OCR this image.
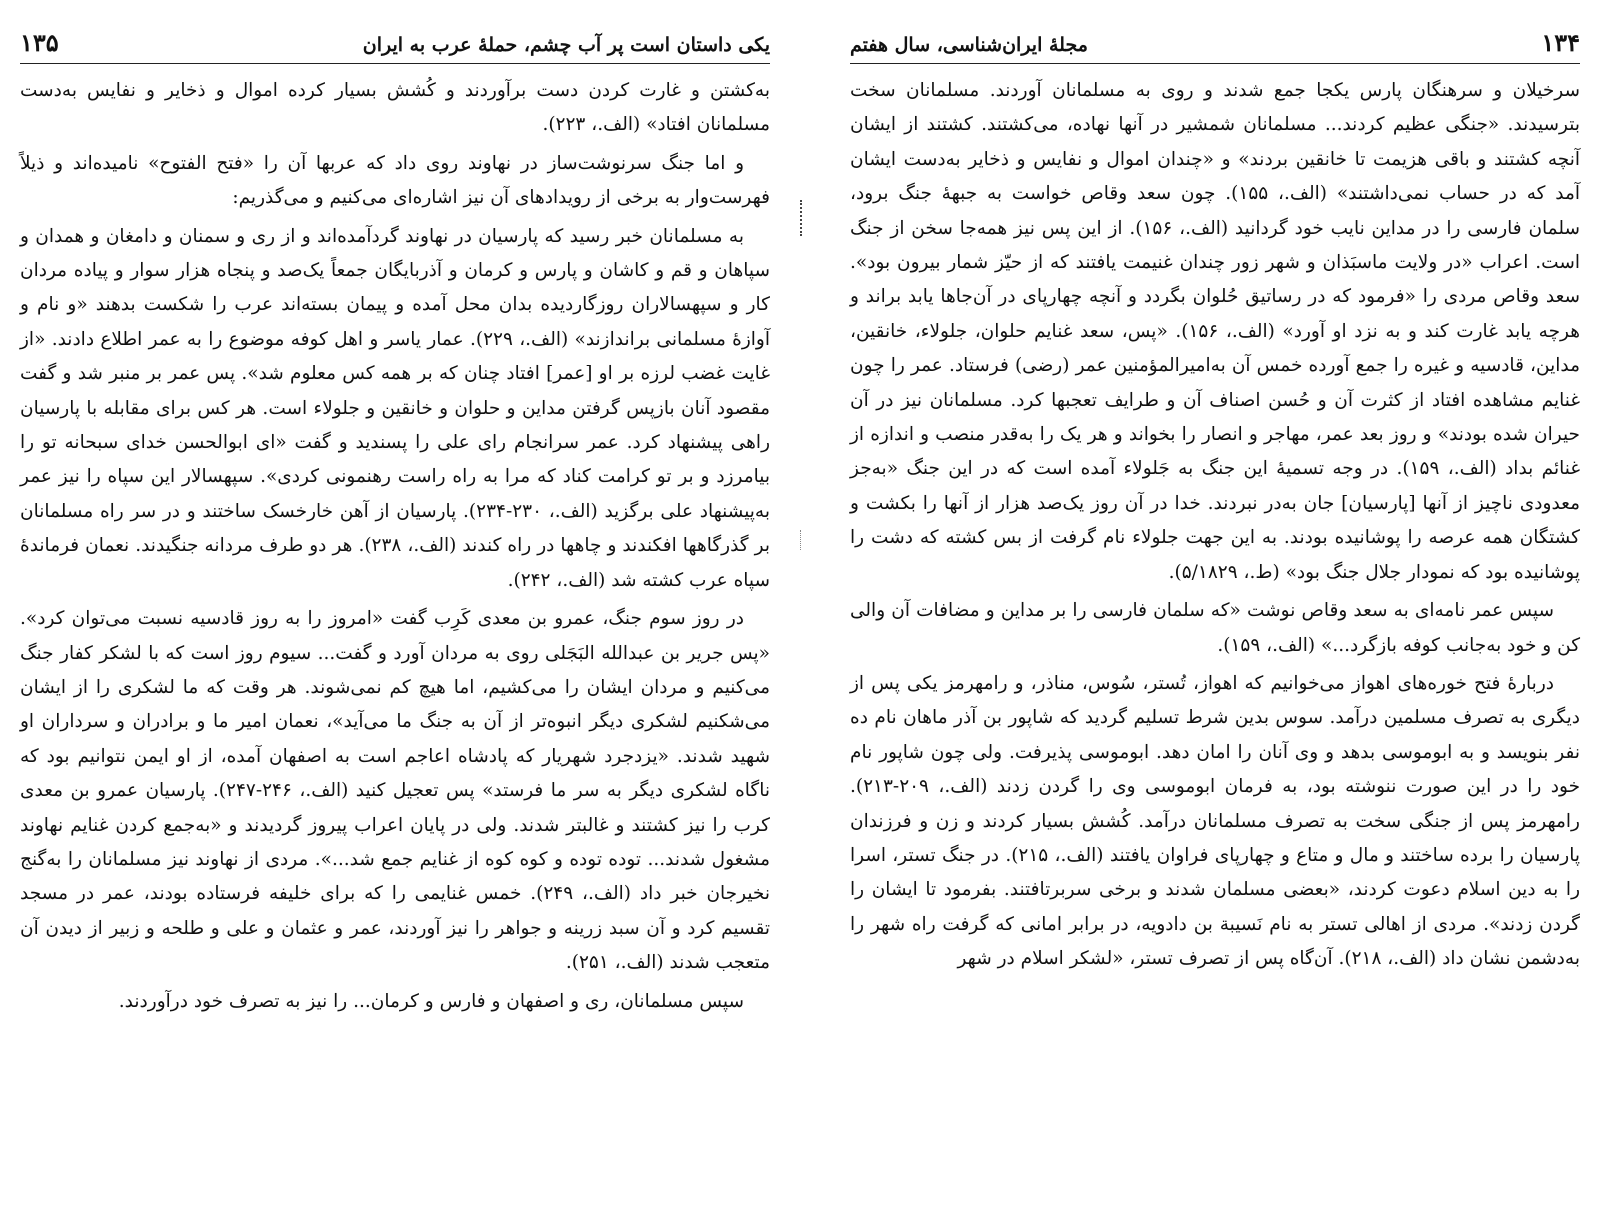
۱۳۵	یکی داستان است پر آب چشم، حملهٔ عرب به ایران

به‌کشتن و غارت کردن دست برآوردند و کُشش بسیار کرده اموال و ذخایر و نفایس به‌دست مسلمانان افتاد» (الف.، ۲۲۳).

و اما جنگ سرنوشت‌ساز در نهاوند روی داد که عربها آن را «فتح الفتوح» نامیده‌اند و ذیلاً فهرست‌وار به برخی از رویدادهای آن نیز اشاره‌ای می‌کنیم و می‌گذریم:

به مسلمانان خبر رسید که پارسیان در نهاوند گردآمده‌اند و از ری و سمنان و دامغان و همدان و سپاهان و قم و کاشان و پارس و کرمان و آذربایگان جمعاً یک‌صد و پنجاه هزار سوار و پیاده مردان کار و سپهسالاران روزگاردیده بدان محل آمده و پیمان بسته‌اند عرب را شکست بدهند «و نام و آوازهٔ مسلمانی براندازند» (الف.، ۲۲۹). عمار یاسر و اهل کوفه موضوع را به عمر اطلاع دادند. «از غایت غضب لرزه بر او [عمر] افتاد چنان که بر همه کس معلوم شد». پس عمر بر منبر شد و گفت مقصود آنان بازپس گرفتن مداین و حلوان و خانقین و جلولاء است. هر کس برای مقابله با پارسیان راهی پیشنهاد کرد. عمر سرانجام رای علی را پسندید و گفت «ای ابوالحسن خدای سبحانه تو را بیامرزد و بر تو کرامت کناد که مرا به راه راست رهنمونی کردی». سپهسالار این سپاه را نیز عمر به‌پیشنهاد علی برگزید (الف.، ۲۳۰-۲۳۴). پارسیان از آهن خارخسک ساختند و در سر راه مسلمانان بر گذرگاهها افکندند و چاهها در راه کندند (الف.، ۲۳۸). هر دو طرف مردانه جنگیدند. نعمان فرماندهٔ سپاه عرب کشته شد (الف.، ۲۴۲).

در روز سوم جنگ، عمرو بن معدی کَرِب گفت «امروز را به روز قادسیه نسبت می‌توان کرد». «پس جریر بن عبدالله البَجَلی روی به مردان آورد و گفت... سیوم روز است که با لشکر کفار جنگ می‌کنیم و مردان ایشان را می‌کشیم، اما هیچ کم نمی‌شوند. هر وقت که ما لشکری را از ایشان می‌شکنیم لشکری دیگر انبوه‌تر از آن به جنگ ما می‌آید»، نعمان امیر ما و برادران و سرداران او شهید شدند. «یزدجرد شهریار که پادشاه اعاجم است به اصفهان آمده، از او ایمن نتوانیم بود که ناگاه لشکری دیگر به سر ما فرستد» پس تعجیل کنید (الف.، ۲۴۶-۲۴۷). پارسیان عمرو بن معدی کرب را نیز کشتند و غالبتر شدند. ولی در پایان اعراب پیروز گردیدند و «به‌جمع کردن غنایم نهاوند مشغول شدند... توده توده و کوه کوه از غنایم جمع شد...». مردی از نهاوند نیز مسلمانان را به‌گنج نخیرجان خبر داد (الف.، ۲۴۹). خمس غنایمی را که برای خلیفه فرستاده بودند، عمر در مسجد تقسیم کرد و آن سبد زرینه و جواهر را نیز آوردند، عمر و عثمان و علی و طلحه و زبیر از دیدن آن متعجب شدند (الف.، ۲۵۱).

سپس مسلمانان، ری و اصفهان و فارس و کرمان... را نیز به تصرف خود درآوردند.

مجلهٔ ایران‌شناسی، سال هفتم	۱۳۴

سرخیلان و سرهنگان پارس یکجا جمع شدند و روی به مسلمانان آوردند. مسلمانان سخت بترسیدند. «جنگی عظیم کردند... مسلمانان شمشیر در آنها نهاده، می‌کشتند. کشتند از ایشان آنچه کشتند و باقی هزیمت تا خانقین بردند» و «چندان اموال و نفایس و ذخایر به‌دست ایشان آمد که در حساب نمی‌داشتند» (الف.، ۱۵۵). چون سعد وقاص خواست به جبههٔ جنگ برود، سلمان فارسی را در مداین نایب خود گردانید (الف.، ۱۵۶). از این پس نیز همه‌جا سخن از جنگ است. اعراب «در ولایت ماسبَذان و شهر زور چندان غنیمت یافتند که از حیّز شمار بیرون بود». سعد وقاص مردی را «فرمود که در رساتیق حُلوان بگردد و آنچه چهارپای در آن‌جاها یابد براند و هرچه یابد غارت کند و به نزد او آورد» (الف.، ۱۵۶). «پس، سعد غنایم حلوان، جلولاء، خانقین، مداین، قادسیه و غیره را جمع آورده خمس آن به‌امیرالمؤمنین عمر (رضی) فرستاد. عمر را چون غنایم مشاهده افتاد از کثرت آن و حُسن اصناف آن و طرایف تعجبها کرد. مسلمانان نیز در آن حیران شده بودند» و روز بعد عمر، مهاجر و انصار را بخواند و هر یک را به‌قدر منصب و اندازه از غنائم بداد (الف.، ۱۵۹). در وجه تسمیهٔ این جنگ به جَلولاء آمده است که در این جنگ «به‌جز معدودی ناچیز از آنها [پارسیان] جان به‌در نبردند. خدا در آن روز یک‌صد هزار از آنها را بکشت و کشتگان همه عرصه را پوشانیده بودند. به این جهت جلولاء نام گرفت از بس کشته که دشت را پوشانیده بود که نمودار جلال جنگ بود» (ط.، ۵/۱۸۲۹).

سپس عمر نامه‌ای به سعد وقاص نوشت «که سلمان فارسی را بر مداین و مضافات آن والی کن و خود به‌جانب کوفه بازگرد...» (الف.، ۱۵۹).

دربارهٔ فتح خوره‌های اهواز می‌خوانیم که اهواز، تُستر، سُوس، مناذر، و رامهرمز یکی پس از دیگری به تصرف مسلمین درآمد. سوس بدین شرط تسلیم گردید که شاپور بن آذر ماهان نام ده نفر بنویسد و به ابوموسی بدهد و وی آنان را امان دهد. ابوموسی پذیرفت. ولی چون شاپور نام خود را در این صورت ننوشته بود، به فرمان ابوموسی وی را گردن زدند (الف.، ۲۰۹-۲۱۳). رامهرمز پس از جنگی سخت به تصرف مسلمانان درآمد. کُشش بسیار کردند و زن و فرزندان پارسیان را برده ساختند و مال و متاع و چهارپای فراوان یافتند (الف.، ۲۱۵). در جنگ تستر، اسرا را به دین اسلام دعوت کردند، «بعضی مسلمان شدند و برخی سربرتافتند. بفرمود تا ایشان را گردن زدند». مردی از اهالی تستر به نام نَسیبة بن دادویه، در برابر امانی که گرفت راه شهر را به‌دشمن نشان داد (الف.، ۲۱۸). آن‌گاه پس از تصرف تستر، «لشکر اسلام در شهر
